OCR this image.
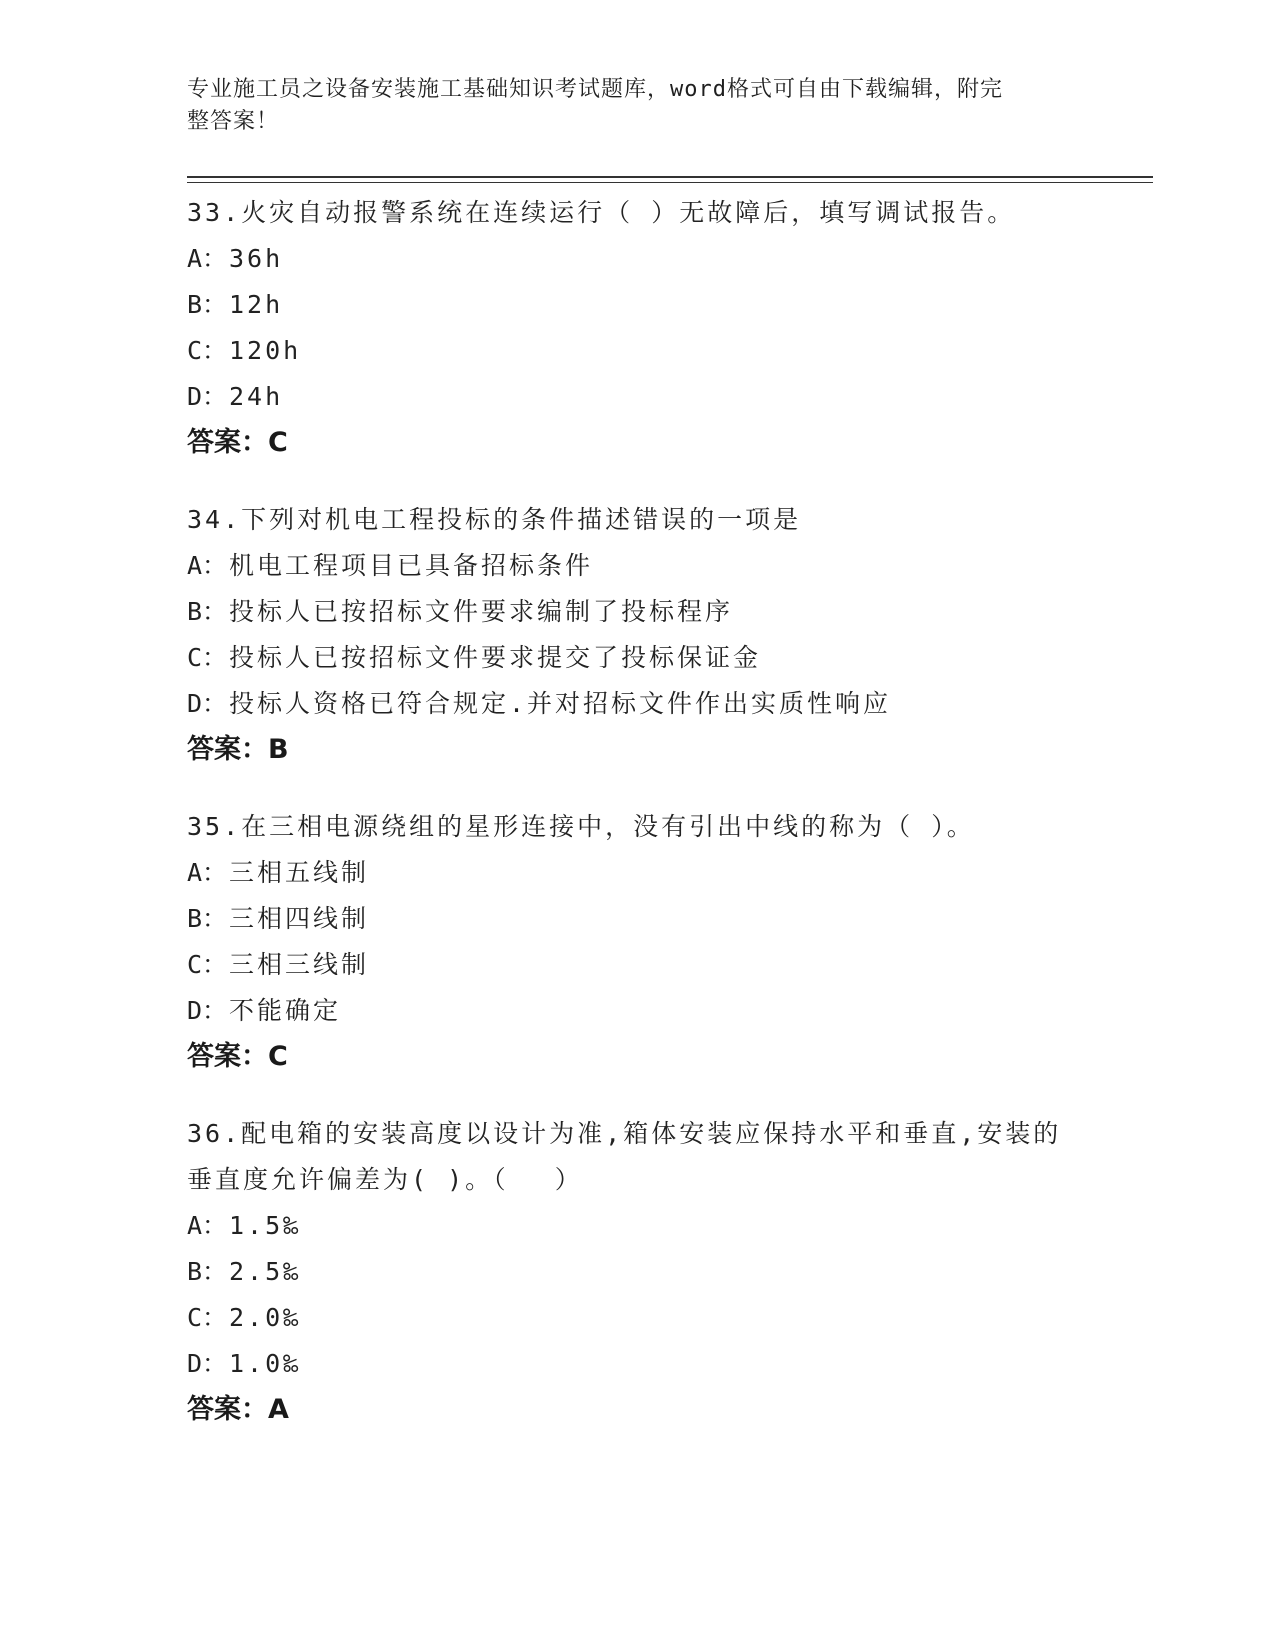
专业施工员之设备安装施工基础知识考试题库，word格式可自由下载编辑，附完
整答案！

33.火灾自动报警系统在连续运行（ ）无故障后，填写调试报告。

A：36h

B：12h

C：120h

D：24h

答案：C

34.下列对机电工程投标的条件描述错误的一项是

A：机电工程项目已具备招标条件

B：投标人已按招标文件要求编制了投标程序

C：投标人已按招标文件要求提交了投标保证金

D：投标人资格已符合规定.并对招标文件作出实质性响应

答案：B

35.在三相电源绕组的星形连接中，没有引出中线的称为（ ）。

A：三相五线制

B：三相四线制

C：三相三线制

D：不能确定

答案：C

36.配电箱的安装高度以设计为准,箱体安装应保持水平和垂直,安装的

垂直度允许偏差为( )。（　 ）

A：1.5‰

B：2.5‰

C：2.0‰

D：1.0‰

答案：A
